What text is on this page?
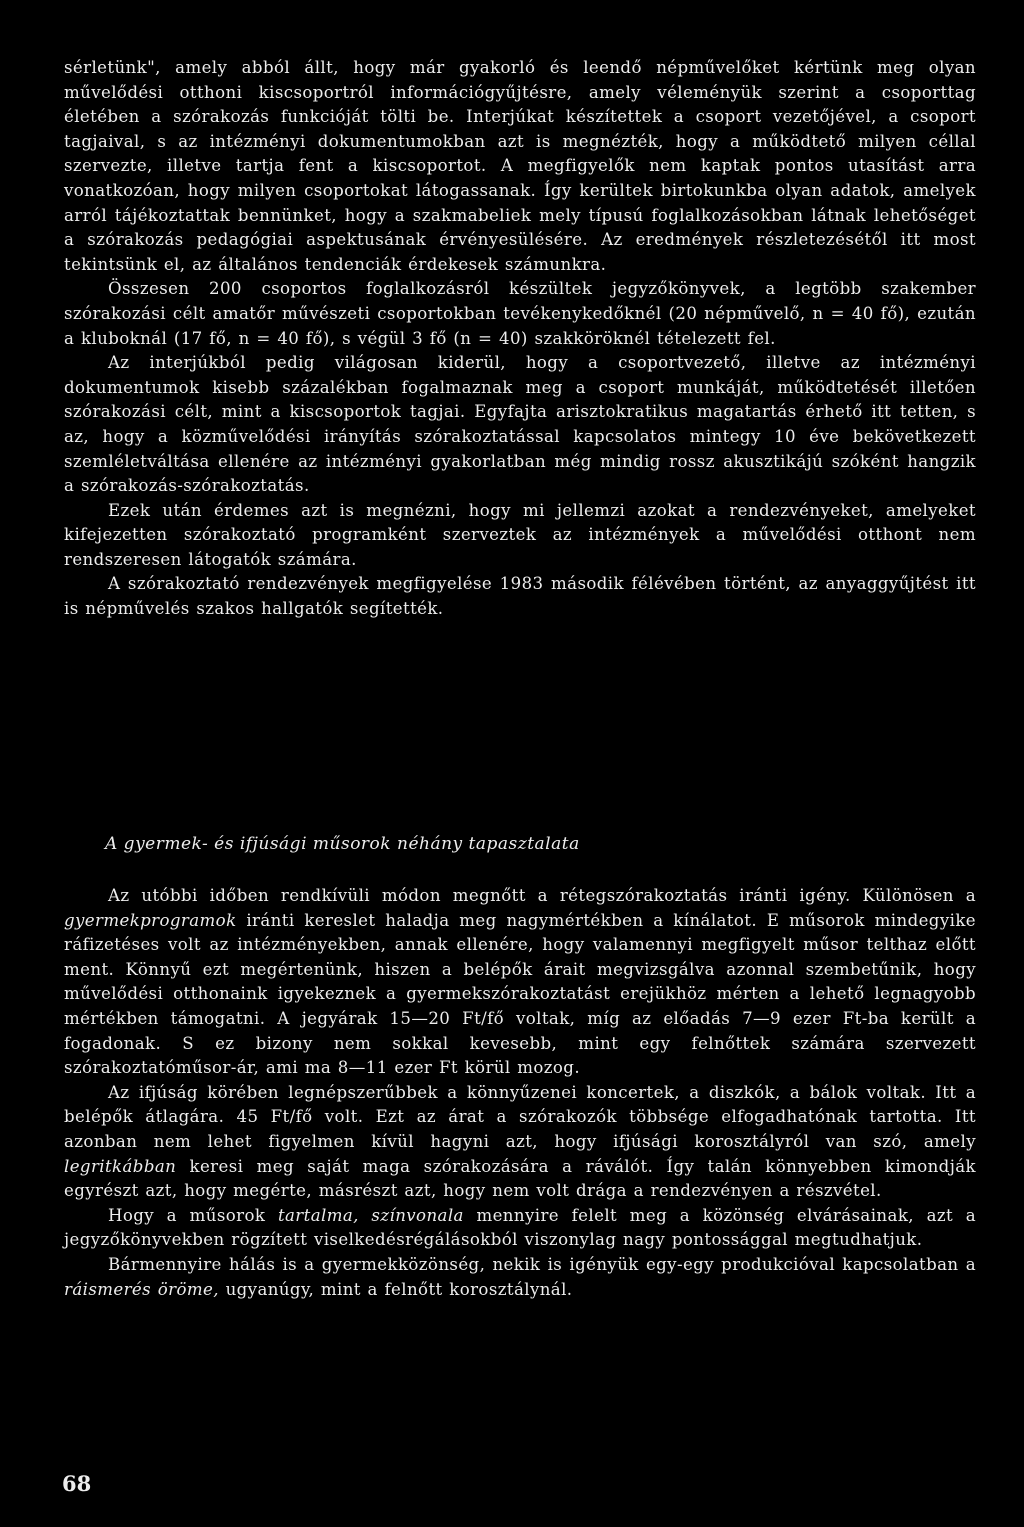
sérletünk", amely abból állt, hogy már gyakorló és leendő népművelőket kértünk meg olyan művelődési otthoni kiscsoportról információgyűjtésre, amely véleményük szerint a csoporttag életében a szórakozás funkcióját tölti be. Interjúkat készítettek a csoport vezetőjével, a csoport tagjaival, s az intézményi dokumentumokban azt is megnézték, hogy a működtető milyen céllal szervezte, illetve tartja fent a kiscsoportot. A megfigyelők nem kaptak pontos utasítást arra vonatkozóan, hogy milyen csoportokat látogassanak. Így kerültek birtokunkba olyan adatok, amelyek arról tájékoztattak bennünket, hogy a szakmabeliek mely típusú foglalkozásokban látnak lehetőséget a szórakozás pedagógiai aspektusának érvényesülésére. Az eredmények részletezésétől itt most tekintsünk el, az általános tendenciák érdekesek számunkra.

Összesen 200 csoportos foglalkozásról készültek jegyzőkönyvek, a legtöbb szakember szórakozási célt amatőr művészeti csoportokban tevékenykedőknél (20 népművelő, n = 40 fő), ezután a kluboknál (17 fő, n = 40 fő), s végül 3 fő (n = 40) szakköröknél tételezett fel.

Az interjúkból pedig világosan kiderül, hogy a csoportvezető, illetve az intézményi dokumentumok kisebb százalékban fogalmaznak meg a csoport munkáját, működtetését illetően szórakozási célt, mint a kiscsoportok tagjai. Egyfajta arisztokratikus magatartás érhető itt tetten, s az, hogy a közművelődési irányítás szórakoztatással kapcsolatos mintegy 10 éve bekövetkezett szemléletváltása ellenére az intézményi gyakorlatban még mindig rossz akusztikájú szóként hangzik a szórakozás-szórakoztatás.

Ezek után érdemes azt is megnézni, hogy mi jellemzi azokat a rendezvényeket, amelyeket kifejezetten szórakoztató programként szerveztek az intézmények a művelődési otthont nem rendszeresen látogatók számára.

A szórakoztató rendezvények megfigyelése 1983 második félévében történt, az anyaggyűjtést itt is népművelés szakos hallgatók segítették.

A gyermek- és ifjúsági műsorok néhány tapasztalata

Az utóbbi időben rendkívüli módon megnőtt a rétegszórakoztatás iránti igény. Különösen a gyermekprogramok iránti kereslet haladja meg nagymértékben a kínálatot. E műsorok mindegyike ráfizetéses volt az intézményekben, annak ellenére, hogy valamennyi megfigyelt műsor telthaz előtt ment. Könnyű ezt megértenünk, hiszen a belépők árait megvizsgálva azonnal szembetűnik, hogy művelődési otthonaink igyekeznek a gyermekszórakoztatást erejükhöz mérten a lehető legnagyobb mértékben támogatni. A jegyárak 15—20 Ft/fő voltak, míg az előadás 7—9 ezer Ft-ba került a fogadonak. S ez bizony nem sokkal kevesebb, mint egy felnőttek számára szervezett szórakoztatóműsor-ár, ami ma 8—11 ezer Ft körül mozog.

Az ifjúság körében legnépszerűbbek a könnyűzenei koncertek, a diszkók, a bálok voltak. Itt a belépők átlagára. 45 Ft/fő volt. Ezt az árat a szórakozók többsége elfogadhatónak tartotta. Itt azonban nem lehet figyelmen kívül hagyni azt, hogy ifjúsági korosztályról van szó, amely legritkábban keresi meg saját maga szórakozására a ráválót. Így talán könnyebben kimondják egyrészt azt, hogy megérte, másrészt azt, hogy nem volt drága a rendezvényen a részvétel.

Hogy a műsorok tartalma, színvonala mennyire felelt meg a közönség elvárásainak, azt a jegyzőkönyvekben rögzített viselkedésrégálásokból viszonylag nagy pontossággal megtudhatjuk.

Bármennyire hálás is a gyermekközönség, nekik is igényük egy-egy produkcióval kapcsolatban a ráismerés öröme, ugyanúgy, mint a felnőtt korosztálynál.

68
